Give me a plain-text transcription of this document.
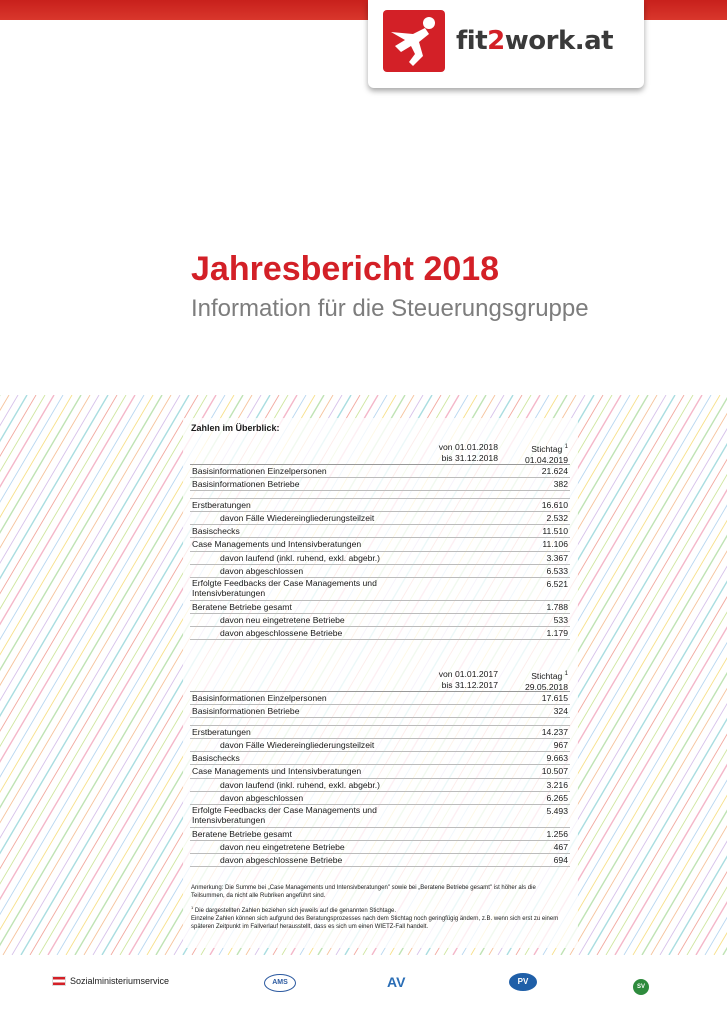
fit2work.at
Jahresbericht 2018
Information für die Steuerungsgruppe
Zahlen im Überblick:
von 01.01.2018
bis 31.12.2018
Stichtag $^1$
01.04.2019
Basisinformationen Einzelpersonen	21.624
Basisinformationen Betriebe	382
Erstberatungen	16.610
davon Fälle Wiedereingliederungsteilzeit	2.532
Basischecks	11.510
Case Managements und Intensivberatungen	11.106
davon laufend (inkl. ruhend, exkl. abgebr.)	3.367
davon abgeschlossen	6.533
Erfolgte Feedbacks der Case Managements und Intensivberatungen
6.521
Beratene Betriebe gesamt	1.788
davon neu eingetretene Betriebe	533
davon abgeschlossene Betriebe	1.179
von 01.01.2017
bis 31.12.2017
Stichtag $^1$
29.05.2018
Basisinformationen Einzelpersonen	17.615
Basisinformationen Betriebe	324
Erstberatungen	14.237
davon Fälle Wiedereingliederungsteilzeit	967
Basischecks	9.663
Case Managements und Intensivberatungen	10.507
davon laufend (inkl. ruhend, exkl. abgebr.)	3.216
davon abgeschlossen	6.265
Erfolgte Feedbacks der Case Managements und Intensivberatungen
5.493
Beratene Betriebe gesamt	1.256
davon neu eingetretene Betriebe	467
davon abgeschlossene Betriebe	694

Anmerkung: Die Summe bei „Case Managements und Intensivberatungen" sowie bei „Beratene Betriebe gesamt" ist höher als die Teilsummen, da nicht alle Rubriken angeführt sind.

$^1$ Die dargestellten Zahlen beziehen sich jeweils auf die genannten Stichtage.
Einzelne Zahlen können sich aufgrund des Beratungsprozesses nach dem Stichtag noch geringfügig ändern, z.B. wenn sich erst zu einem späteren Zeitpunkt im Fallverlauf herausstellt, dass es sich um einen WIETZ-Fall handelt.

Sozialministeriumservice	AMS	AV	PV
SV
